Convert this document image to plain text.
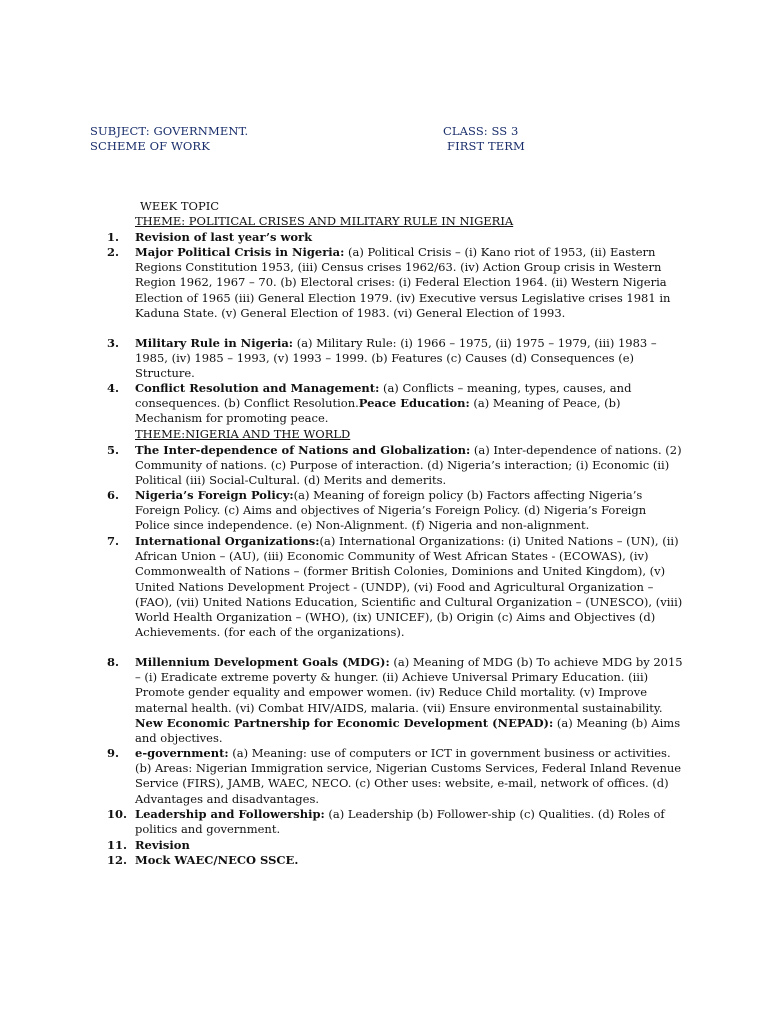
SUBJECT: GOVERNMENT.	CLASS: SS 3
SCHEME OF WORK	FIRST TERM
WEEK TOPIC
THEME: POLITICAL CRISES AND MILITARY RULE IN NIGERIA
1. Revision of last year’s work
2. Major Political Crisis in Nigeria: (a) Political Crisis – (i) Kano riot of 1953, (ii) Eastern Regions Constitution 1953, (iii) Census crises 1962/63. (iv) Action Group crisis in Western Region 1962, 1967 – 70. (b) Electoral crises: (i) Federal Election 1964. (ii) Western Nigeria Election of 1965 (iii) General Election 1979. (iv) Executive versus Legislative crises 1981 in Kaduna State. (v) General Election of 1983. (vi) General Election of 1993.
3. Military Rule in Nigeria: (a) Military Rule: (i) 1966 – 1975, (ii) 1975 – 1979, (iii) 1983 – 1985, (iv) 1985 – 1993, (v) 1993 – 1999. (b) Features (c) Causes (d) Consequences (e) Structure.
4. Conflict Resolution and Management: (a) Conflicts – meaning, types, causes, and consequences. (b) Conflict Resolution.Peace Education: (a) Meaning of Peace, (b) Mechanism for promoting peace.
THEME:NIGERIA AND THE WORLD
5. The Inter-dependence of Nations and Globalization: (a) Inter-dependence of nations. (2) Community of nations. (c) Purpose of interaction. (d) Nigeria’s interaction; (i) Economic (ii) Political (iii) Social-Cultural. (d) Merits and demerits.
6. Nigeria’s Foreign Policy:(a) Meaning of foreign policy (b) Factors affecting Nigeria’s Foreign Policy. (c) Aims and objectives of Nigeria’s Foreign Policy. (d) Nigeria’s Foreign Police since independence. (e) Non-Alignment. (f) Nigeria and non-alignment.
7. International Organizations:(a) International Organizations: (i) United Nations – (UN), (ii) African Union – (AU), (iii) Economic Community of West African States - (ECOWAS), (iv) Commonwealth of Nations – (former British Colonies, Dominions and United Kingdom), (v) United Nations Development Project - (UNDP), (vi) Food and Agricultural Organization – (FAO), (vii) United Nations Education, Scientific and Cultural Organization – (UNESCO), (viii) World Health Organization – (WHO), (ix) UNICEF), (b) Origin (c) Aims and Objectives (d) Achievements. (for each of the organizations).
8. Millennium Development Goals (MDG): (a) Meaning of MDG (b) To achieve MDG by 2015 – (i) Eradicate extreme poverty & hunger. (ii) Achieve Universal Primary Education. (iii) Promote gender equality and empower women. (iv) Reduce Child mortality. (v) Improve maternal health. (vi) Combat HIV/AIDS, malaria. (vii) Ensure environmental sustainability. New Economic Partnership for Economic Development (NEPAD): (a) Meaning (b) Aims and objectives.
9. e-government: (a) Meaning: use of computers or ICT in government business or activities. (b) Areas: Nigerian Immigration service, Nigerian Customs Services, Federal Inland Revenue Service (FIRS), JAMB, WAEC, NECO. (c) Other uses: website, e-mail, network of offices. (d) Advantages and disadvantages.
10. Leadership and Followership: (a) Leadership (b) Follower-ship (c) Qualities. (d) Roles of politics and government.
11. Revision
12. Mock WAEC/NECO SSCE.
